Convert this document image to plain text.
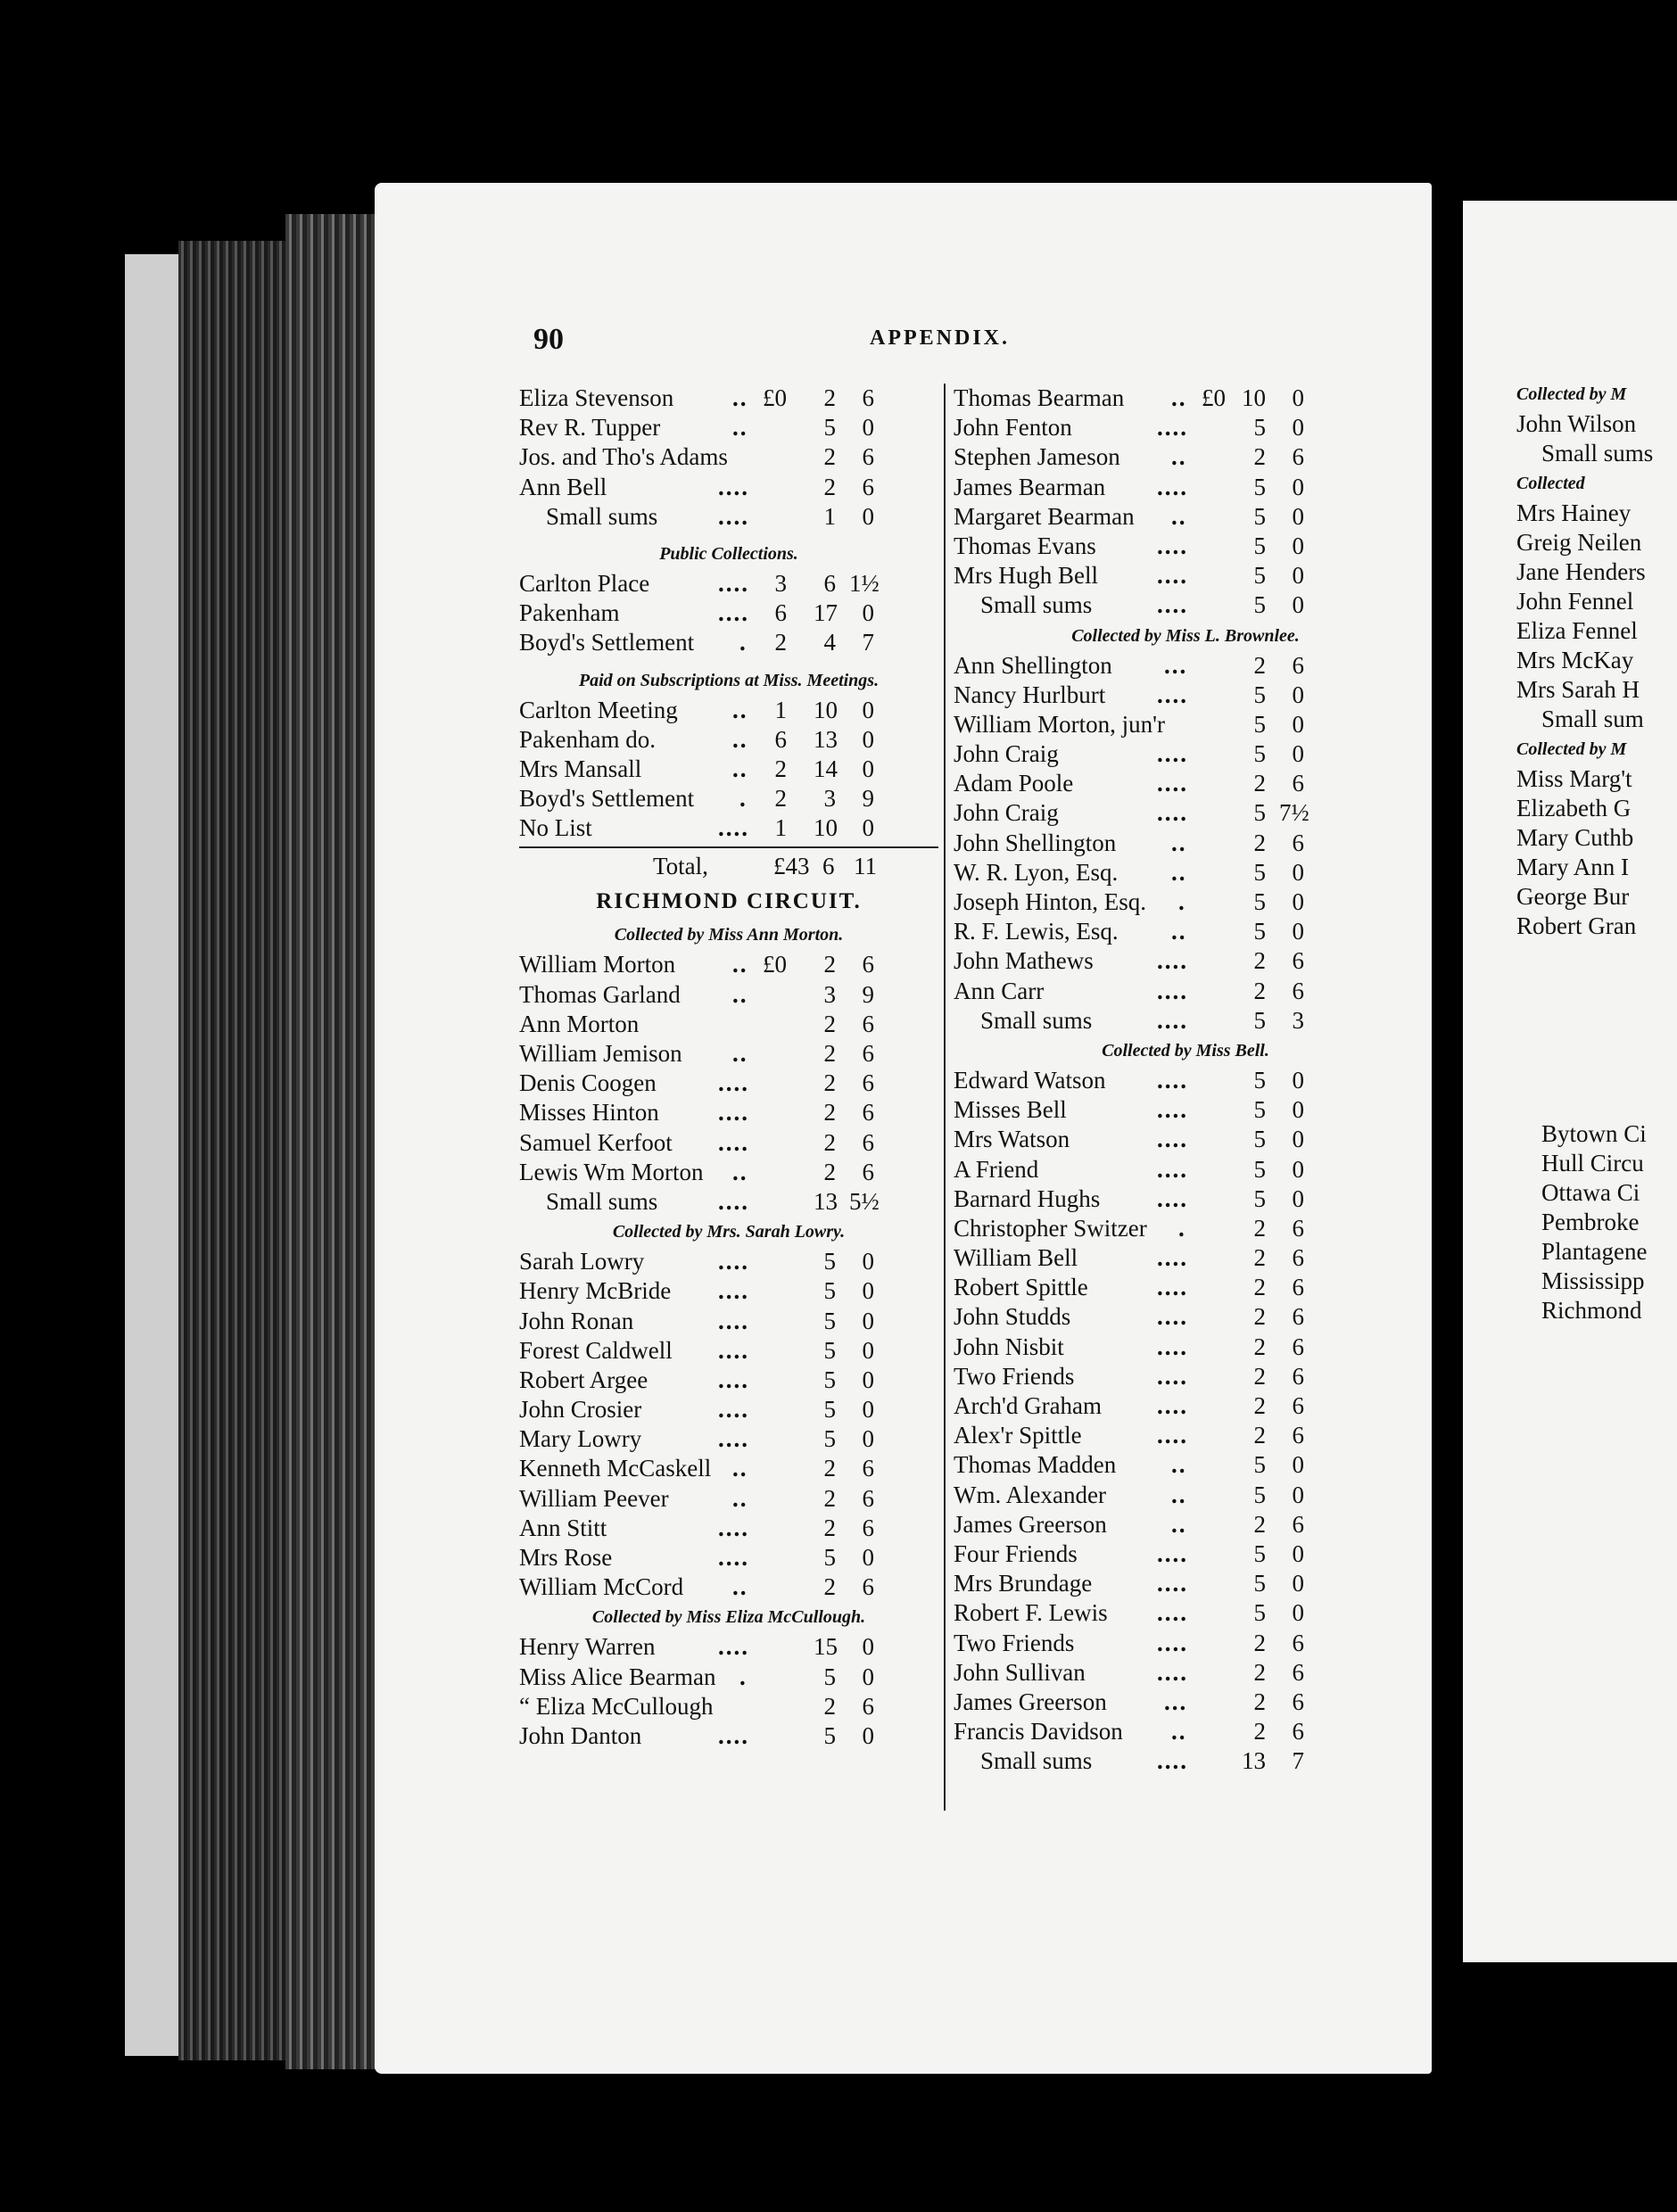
Collected by M
John Wilson
Small sums
Collected
Mrs Hainey
Greig Neilen
Jane Henders
John Fennel
Eliza Fennel
Mrs McKay
Mrs Sarah H
Small sum
Collected by M
Miss Marg't
Elizabeth G
Mary Cuthb
Mary Ann I
George Bur
Robert Gran
Bytown Ci
Hull Circu
Ottawa Ci
Pembroke
Plantagene
Mississipp
Richmond
90	APPENDIX.
Eliza Stevenson .. £0	2	6
Rev R. Tupper	..	5	0
Jos. and Tho's Adams	2	6
Ann Bell	....	2	6
Small sums	....	1	0
Public Collections.
Carlton Place	....	3	6 1½
Pakenham	....	6 17	0
Boyd's Settlement .	2	4	7
Paid on Subscriptions at Miss. Meetings.
Carlton Meeting ..	1 10	0
Pakenham do.	..	6 13	0
Mrs Mansall	..	2 14	0
Boyd's Settlement .	2	3	9
No List	....	1 10	0
Total,	£43 6 11
RICHMOND CIRCUIT.
Collected by Miss Ann Morton.
William Morton .. £0	2	6
Thomas Garland ..	3	9
Ann Morton	2	6
William Jemison ..	2	6
Denis Coogen	....	2	6
Misses Hinton ....	2	6
Samuel Kerfoot ....	2	6
Lewis Wm Morton ..	2	6
Small sums	....	13 5½
Collected by Mrs. Sarah Lowry.
Sarah Lowry	....	5	0
Henry McBride ....	5	0
John Ronan	....	5	0
Forest Caldwell ....	5	0
Robert Argee	....	5	0
John Crosier	....	5	0
Mary Lowry	....	5	0
Kenneth McCaskell ..	2	6
William Peever	..	2	6
Ann Stitt	....	2	6
Mrs Rose	....	5	0
William McCord ..	2	6
Collected by Miss Eliza McCullough.
Henry Warren	....	15	0
Miss Alice Bearman .	5	0
“ Eliza McCullough	2	6
John Danton	....	5	0
Thomas Bearman .. £0 10	0
John Fenton	....	5	0
Stephen Jameson ..	2	6
James Bearman ....	5	0
Margaret Bearman ..	5	0
Thomas Evans	....	5	0
Mrs Hugh Bell ....	5	0
Small sums	....	5	0
Collected by Miss L. Brownlee.
Ann Shellington ...	2	6
Nancy Hurlburt ....	5	0
William Morton, jun'r	5	0
John Craig	....	5	0
Adam Poole	....	2	6
John Craig	....	5 7½
John Shellington ..	2	6
W. R. Lyon, Esq. ..	5	0
Joseph Hinton, Esq. .	5	0
R. F. Lewis, Esq. ..	5	0
John Mathews	....	2	6
Ann Carr	....	2	6
Small sums	....	5	3
Collected by Miss Bell.
Edward Watson ....	5	0
Misses Bell	....	5	0
Mrs Watson	....	5	0
A Friend	....	5	0
Barnard Hughs ....	5	0
Christopher Switzer .	2	6
William Bell	....	2	6
Robert Spittle	....	2	6
John Studds	....	2	6
John Nisbit	....	2	6
Two Friends	....	2	6
Arch'd Graham ....	2	6
Alex'r Spittle	....	2	6
Thomas Madden ..	5	0
Wm. Alexander	..	5	0
James Greerson	..	2	6
Four Friends	....	5	0
Mrs Brundage	....	5	0
Robert F. Lewis ....	5	0
Two Friends	....	2	6
John Sullivan	....	2	6
James Greerson ...	2	6
Francis Davidson ..	2	6
Small sums	.... 13	7
